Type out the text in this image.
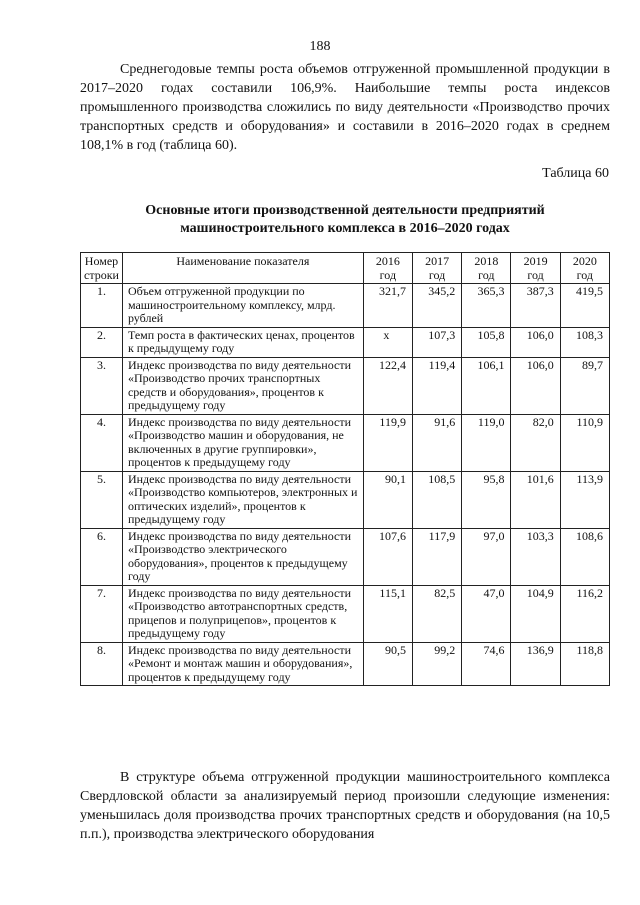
188

Среднегодовые темпы роста объемов отгруженной промышленной продукции в 2017–2020 годах составили 106,9%. Наибольшие темпы роста индексов промышленного производства сложились по виду деятельности «Производство прочих транспортных средств и оборудования» и составили в 2016–2020 годах в среднем 108,1% в год (таблица 60).

Таблица 60
Основные итоги производственной деятельности предприятий
машиностроительного комплекса в 2016–2020 годах
Номер строки	Наименование показателя	2016 год	2017 год	2018 год	2019 год	2020 год
1.	Объем отгруженной продукции по машиностроительному комплексу, млрд. рублей	321,7	345,2	365,3	387,3	419,5
2.	Темп роста в фактических ценах, процентов к предыдущему году	х	107,3	105,8	106,0	108,3
3.	Индекс производства по виду деятельности «Производство прочих транспортных средств и оборудования», процентов к предыдущему году	122,4	119,4	106,1	106,0	89,7
4.	Индекс производства по виду деятельности «Производство машин и оборудования, не включенных в другие группировки», процентов к предыдущему году	119,9	91,6	119,0	82,0	110,9
5.	Индекс производства по виду деятельности «Производство компьютеров, электронных и оптических изделий», процентов к предыдущему году	90,1	108,5	95,8	101,6	113,9
6.	Индекс производства по виду деятельности «Производство электрического оборудования», процентов к предыдущему году	107,6	117,9	97,0	103,3	108,6
7.	Индекс производства по виду деятельности «Производство автотранспортных средств, прицепов и полуприцепов», процентов к предыдущему году	115,1	82,5	47,0	104,9	116,2
8.	Индекс производства по виду деятельности «Ремонт и монтаж машин и оборудования», процентов к предыдущему году	90,5	99,2	74,6	136,9	118,8

В структуре объема отгруженной продукции машиностроительного комплекса Свердловской области за анализируемый период произошли следующие изменения: уменьшилась доля производства прочих транспортных средств и оборудования (на 10,5 п.п.), производства электрического оборудования
